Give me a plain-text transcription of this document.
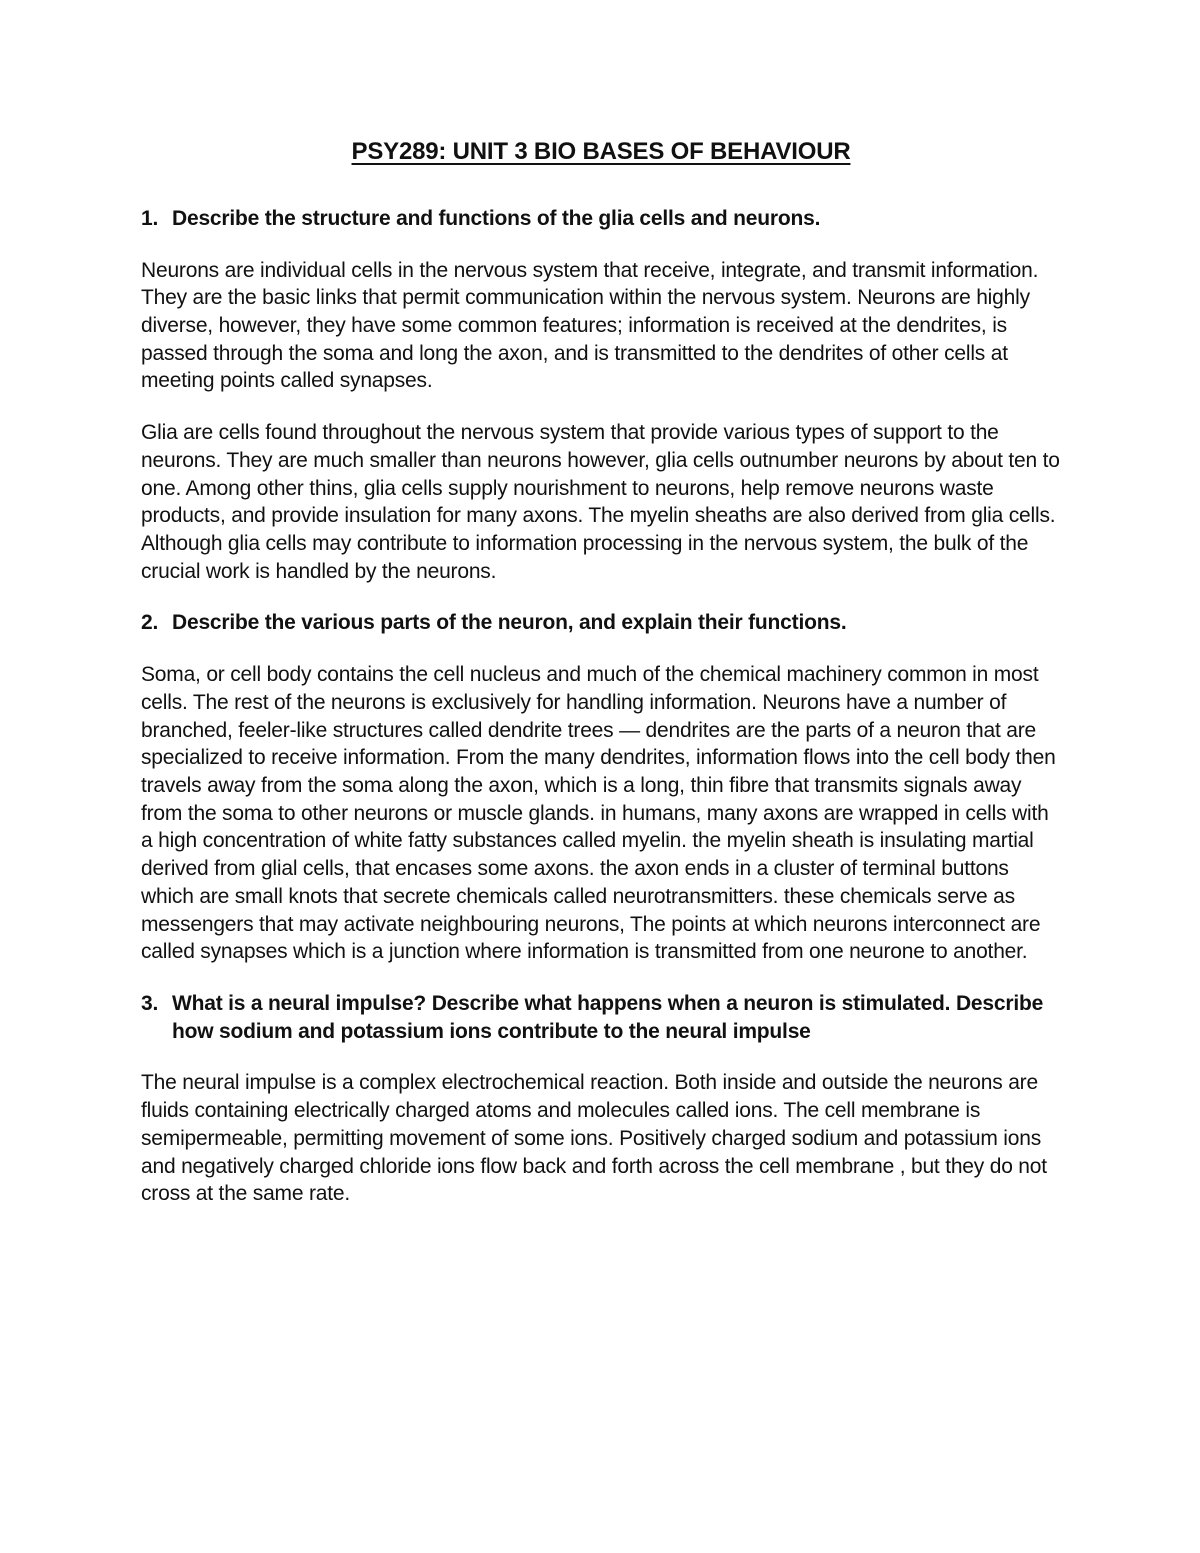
PSY289: UNIT 3 BIO BASES OF BEHAVIOUR
1. Describe the structure and functions of the glia cells and neurons.

Neurons are individual cells in the nervous system that receive, integrate, and transmit information. They are the basic links that permit communication within the nervous system. Neurons are highly diverse, however, they have some common features; information is received at the dendrites, is passed through the soma and long the axon, and is transmitted to the dendrites of other cells at meeting points called synapses.

Glia are cells found throughout the nervous system that provide various types of support to the neurons. They are much smaller than neurons however, glia cells outnumber neurons by about ten to one. Among other thins, glia cells supply nourishment to neurons, help remove neurons waste products, and provide insulation for many axons. The myelin sheaths are also derived from glia cells. Although glia cells may contribute to information processing in the nervous system, the bulk of the crucial work is handled by the neurons.

2. Describe the various parts of the neuron, and explain their functions.

Soma, or cell body contains the cell nucleus and much of the chemical machinery common in most cells. The rest of the neurons is exclusively for handling information. Neurons have a number of branched, feeler-like structures called dendrite trees — dendrites are the parts of a neuron that are specialized to receive information. From the many dendrites, information flows into the cell body then travels away from the soma along the axon, which is a long, thin fibre that transmits signals away from the soma to other neurons or muscle glands. in humans, many axons are wrapped in cells with a high concentration of white fatty substances called myelin. the myelin sheath is insulating martial derived from glial cells, that encases some axons. the axon ends in a cluster of terminal buttons which are small knots that secrete chemicals called neurotransmitters. these chemicals serve as messengers that may activate neighbouring neurons, The points at which neurons interconnect are called synapses which is a junction where information is transmitted from one neurone to another.

3. What is a neural impulse? Describe what happens when a neuron is stimulated. Describe how sodium and potassium ions contribute to the neural impulse

The neural impulse is a complex electrochemical reaction. Both inside and outside the neurons are fluids containing electrically charged atoms and molecules called ions. The cell membrane is semipermeable, permitting movement of some ions. Positively charged sodium and potassium ions and negatively charged chloride ions flow back and forth across the cell membrane , but they do not cross at the same rate.
